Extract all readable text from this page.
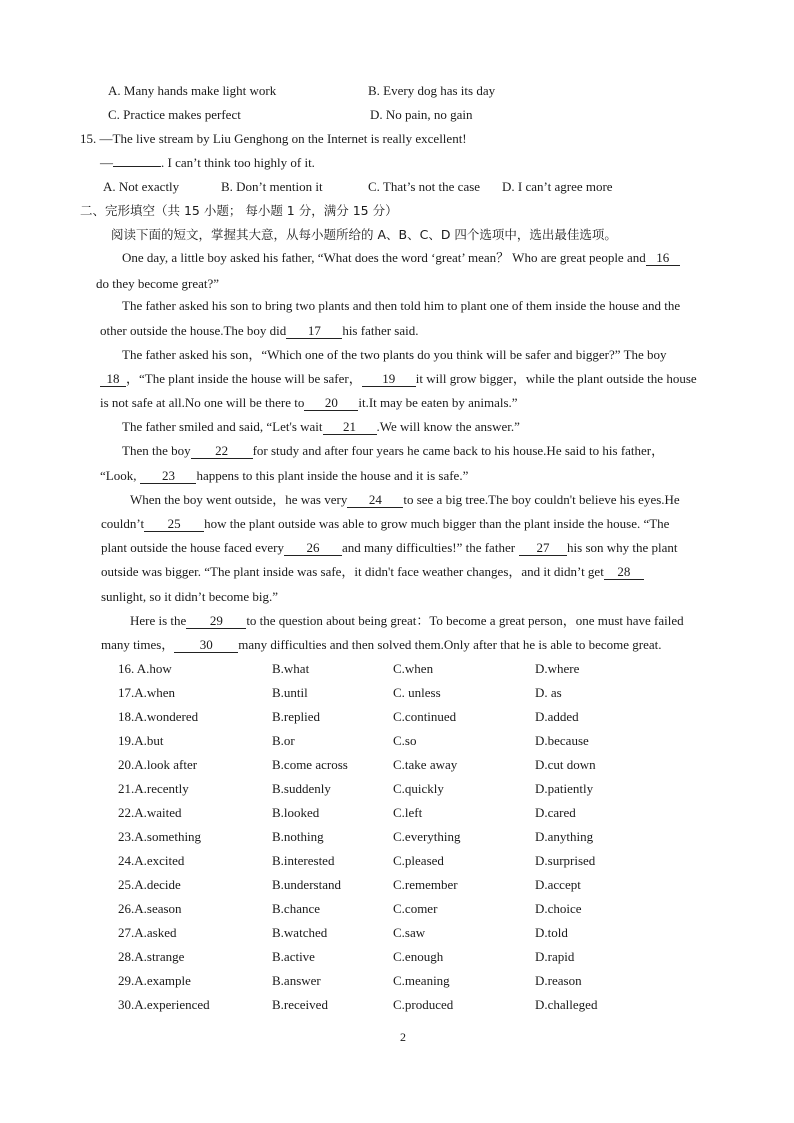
A. Many hands make light work	B. Every dog has its day
C. Practice makes perfect	D. No pain, no gain
15. —The live stream by Liu Genghong on the Internet is really excellent!
—	. I can’t think too highly of it.
A. Not exactly	B. Don’t mention it	C. That’s not the case D. I can’t agree more
二、完形填空（共 15 小题； 每小题 1 分，满分 15 分）
阅读下面的短文，掌握其大意，从每小题所给的 A、B、C、D 四个选项中，选出最佳选项。
One day, a little boy asked his father, “What does the word ‘great’ mean？ Who are great people and 16
do they become great?”
The father asked his son to bring two plants and then told him to plant one of them inside the house and the
other outside the house.The boy did 17 his father said.
The father asked his son，“Which one of the two plants do you think will be safer and bigger?” The boy
18 ，“The plant inside the house will be safer， 19 it will grow bigger，while the plant outside the house
is not safe at all.No one will be there to 20 it.It may be eaten by animals.”
The father smiled and said, “Let's wait 21 .We will know the answer.”
Then the boy 22 for study and after four years he came back to his house.He said to his father，
“Look, 23 happens to this plant inside the house and it is safe.”
When the boy went outside，he was very 24 to see a big tree.The boy couldn't believe his eyes.He
couldn’t 25 how the plant outside was able to grow much bigger than the plant inside the house. “The
plant outside the house faced every 26 and many difficulties!” the father 27 his son why the plant
outside was bigger. “The plant inside was safe，it didn't face weather changes，and it didn’t get 28
sunlight, so it didn’t become big.”
Here is the 29 to the question about being great：To become a great person，one must have failed
many times， 30 many difficulties and then solved them.Only after that he is able to become great.
16. A.how	B.what	C.when	D.where
17.A.when	B.until	C. unless	D. as
18.A.wondered	B.replied	C.continued	D.added
19.A.but	B.or	C.so	D.because
20.A.look after	B.come across	C.take away	D.cut down
21.A.recently	B.suddenly	C.quickly	D.patiently
22.A.waited	B.looked	C.left	D.cared
23.A.something	B.nothing	C.everything	D.anything
24.A.excited	B.interested	C.pleased	D.surprised
25.A.decide	B.understand	C.remember	D.accept
26.A.season	B.chance	C.comer	D.choice
27.A.asked	B.watched	C.saw	D.told
28.A.strange	B.active	C.enough	D.rapid
29.A.example	B.answer	C.meaning	D.reason
30.A.experienced	B.received	C.produced	D.challeged
2
